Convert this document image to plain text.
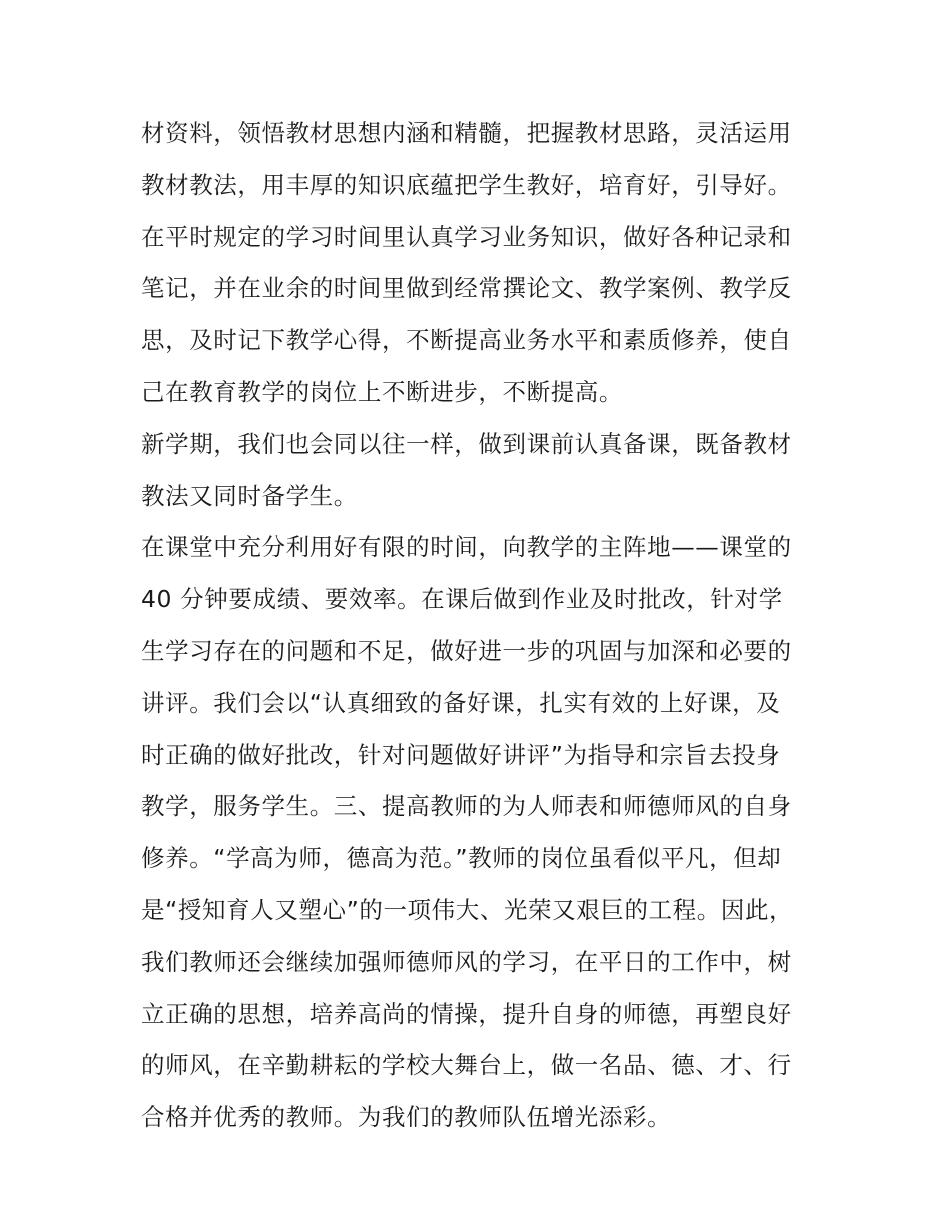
材资料，领悟教材思想内涵和精髓，把握教材思路，灵活运用
教材教法，用丰厚的知识底蕴把学生教好，培育好，引导好。
在平时规定的学习时间里认真学习业务知识，做好各种记录和
笔记，并在业余的时间里做到经常撰论文、教学案例、教学反
思，及时记下教学心得，不断提高业务水平和素质修养，使自
己在教育教学的岗位上不断进步，不断提高。
新学期，我们也会同以往一样，做到课前认真备课，既备教材
教法又同时备学生。
在课堂中充分利用好有限的时间，向教学的主阵地——课堂的
40 分钟要成绩、要效率。在课后做到作业及时批改，针对学
生学习存在的问题和不足，做好进一步的巩固与加深和必要的
讲评。我们会以“认真细致的备好课，扎实有效的上好课，及
时正确的做好批改，针对问题做好讲评”为指导和宗旨去投身
教学，服务学生。三、提高教师的为人师表和师德师风的自身
修养。“学高为师，德高为范。”教师的岗位虽看似平凡，但却
是“授知育人又塑心”的一项伟大、光荣又艰巨的工程。因此，
我们教师还会继续加强师德师风的学习，在平日的工作中，树
立正确的思想，培养高尚的情操，提升自身的师德，再塑良好
的师风，在辛勤耕耘的学校大舞台上，做一名品、德、才、行
合格并优秀的教师。为我们的教师队伍增光添彩。
